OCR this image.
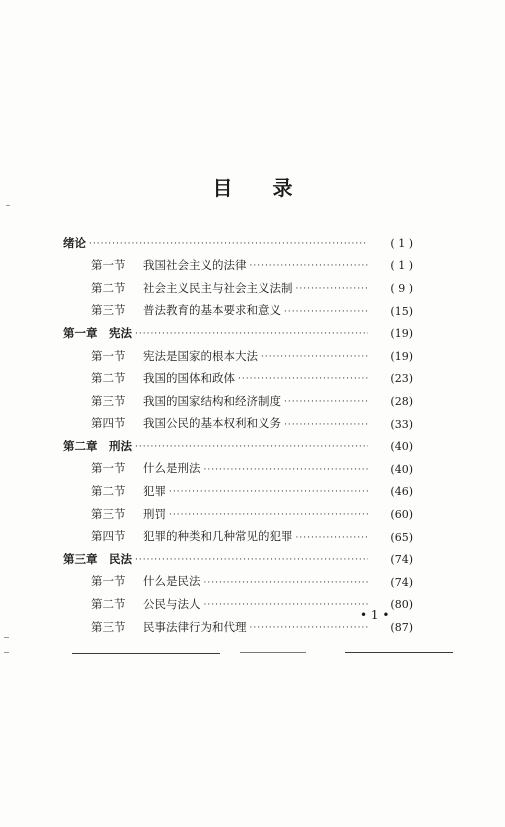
目 录
绪论 ·····	( 1 )
第一节	我国社会主义的法律 ·····	( 1 )
第二节	社会主义民主与社会主义法制 ·····	( 9 )
第三节	普法教育的基本要求和意义 ·····	(15)
第一章　宪法 ·····	(19)
第一节	宪法是国家的根本大法 ·····	(19)
第二节	我国的国体和政体 ·····	(23)
第三节	我国的国家结构和经济制度 ·····	(28)
第四节	我国公民的基本权利和义务 ·····	(33)
第二章　刑法 ·····	(40)
第一节	什么是刑法 ·····	(40)
第二节	犯罪 ·····	(46)
第三节	刑罚 ·····	(60)
第四节	犯罪的种类和几种常见的犯罪 ·····	(65)
第三章　民法 ·····	(74)
第一节	什么是民法 ·····	(74)
第二节	公民与法人 ·····	(80)
第三节	民事法律行为和代理 ·····	(87)
• 1 •
